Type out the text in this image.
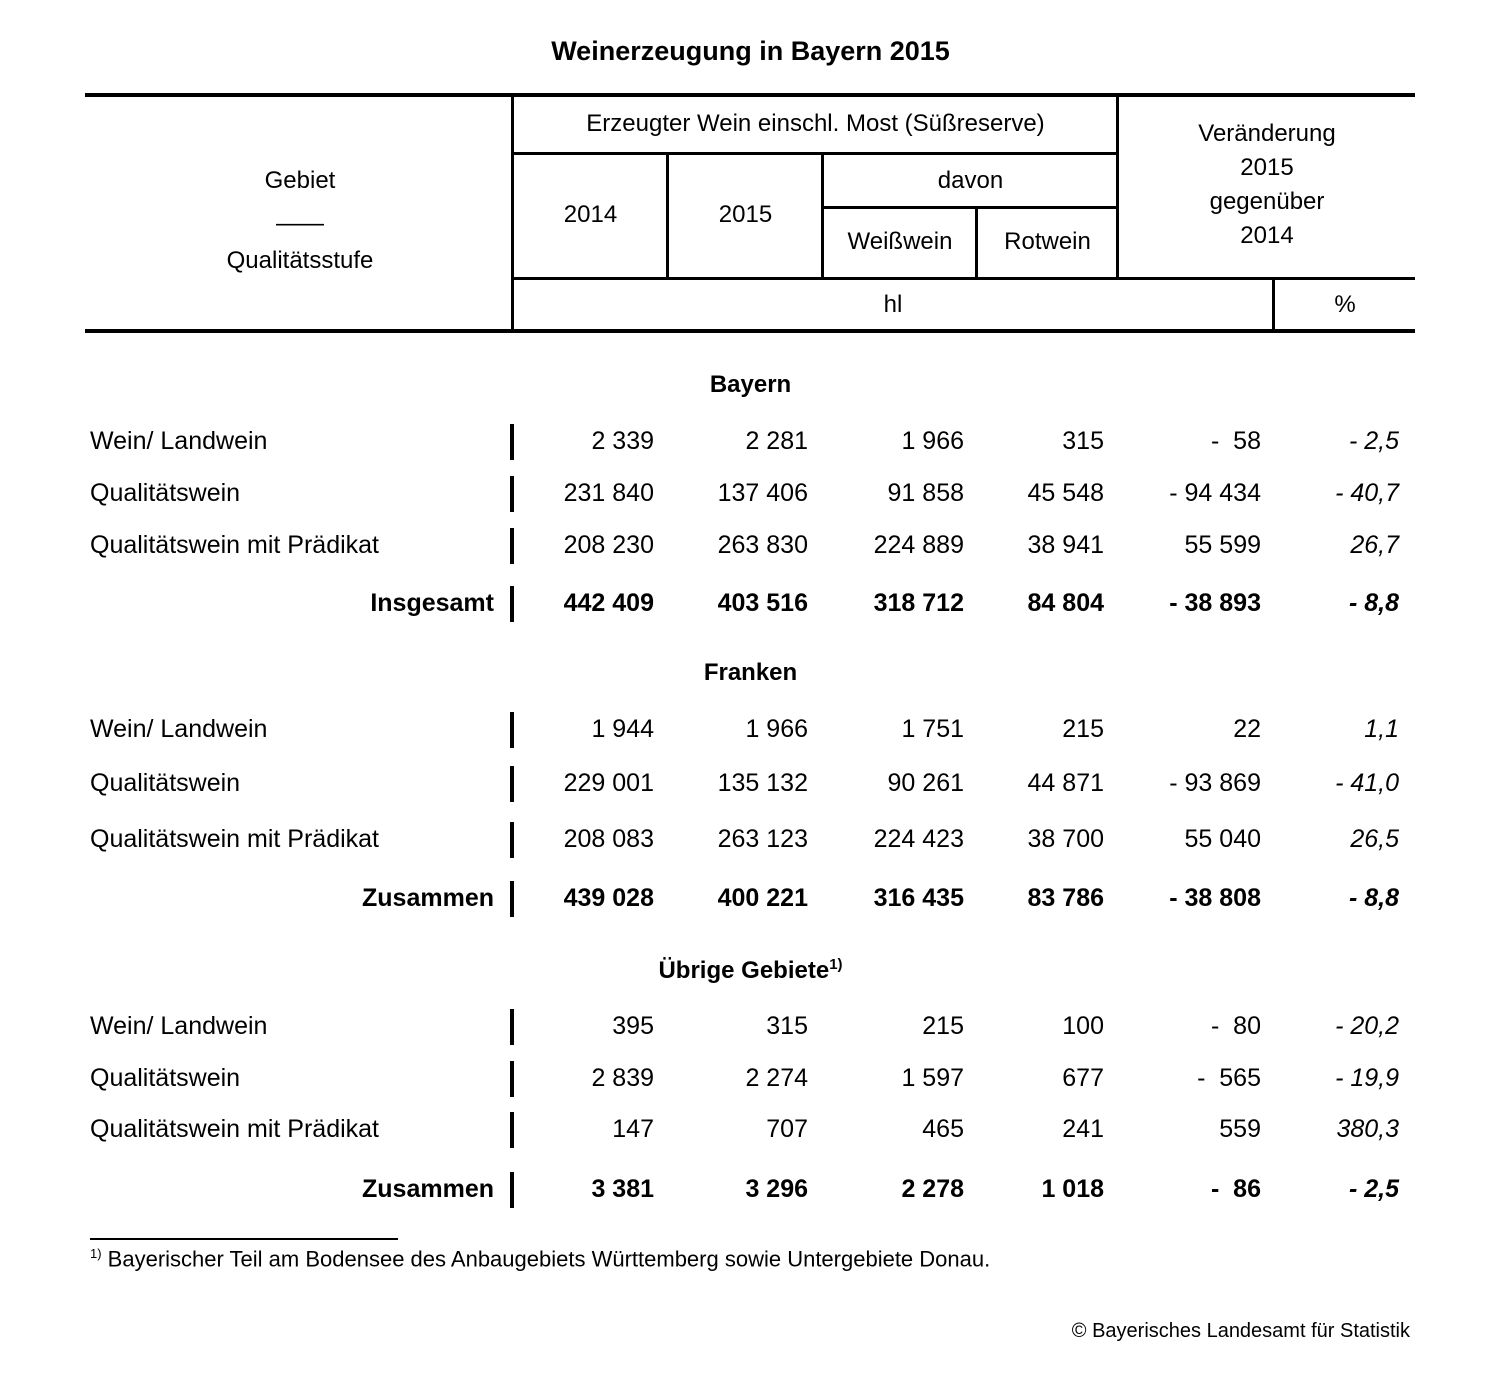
Weinerzeugung in Bayern 2015
Gebiet
——
Qualitätsstufe
Erzeugter Wein einschl. Most (Süßreserve)
2014	2015
davon
Weißwein	Rotwein
Veränderung
2015
gegenüber
2014
hl	%
Bayern
Wein/ Landwein	2 339	2 281	1 966	315	-  58	- 2,5
Qualitätswein	231 840	137 406	91 858	45 548	- 94 434	- 40,7
Qualitätswein mit Prädikat	208 230	263 830	224 889	38 941	55 599	26,7
Insgesamt	442 409	403 516	318 712	84 804	- 38 893	- 8,8
Franken
Wein/ Landwein	1 944	1 966	1 751	215	22	1,1
Qualitätswein	229 001	135 132	90 261	44 871	- 93 869	- 41,0
Qualitätswein mit Prädikat	208 083	263 123	224 423	38 700	55 040	26,5
Zusammen	439 028	400 221	316 435	83 786	- 38 808	- 8,8
Übrige Gebiete$^{1)}$
Wein/ Landwein	395	315	215	100	-  80	- 20,2
Qualitätswein	2 839	2 274	1 597	677	-  565	- 19,9
Qualitätswein mit Prädikat	147	707	465	241	559	380,3
Zusammen	3 381	3 296	2 278	1 018	-  86	- 2,5
$^{1)}$ Bayerischer Teil am Bodensee des Anbaugebiets Württemberg sowie Untergebiete Donau.
© Bayerisches Landesamt für Statistik
